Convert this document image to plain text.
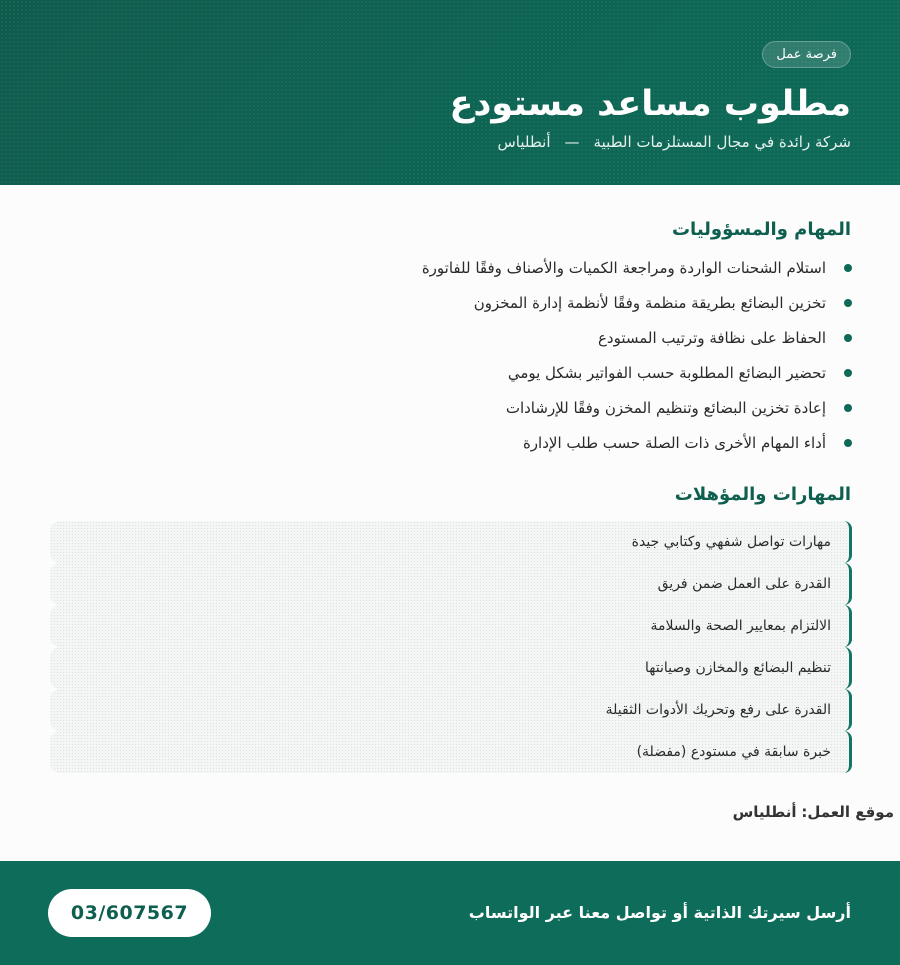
فرصة عمل
مطلوب مساعد مستودع
شركة رائدة في مجال المستلزمات الطبية—أنطلياس
المهام والمسؤوليات
استلام الشحنات الواردة ومراجعة الكميات والأصناف وفقًا للفاتورة
تخزين البضائع بطريقة منظمة وفقًا لأنظمة إدارة المخزون
الحفاظ على نظافة وترتيب المستودع
تحضير البضائع المطلوبة حسب الفواتير بشكل يومي
إعادة تخزين البضائع وتنظيم المخزن وفقًا للإرشادات
أداء المهام الأخرى ذات الصلة حسب طلب الإدارة
المهارات والمؤهلات
مهارات تواصل شفهي وكتابي جيدة
القدرة على العمل ضمن فريق
الالتزام بمعايير الصحة والسلامة
تنظيم البضائع والمخازن وصيانتها
القدرة على رفع وتحريك الأدوات الثقيلة
خبرة سابقة في مستودع (مفضلة)
موقع العمل: أنطلياس
أرسل سيرتك الذاتية أو تواصل معنا عبر الواتساب
03/607567
